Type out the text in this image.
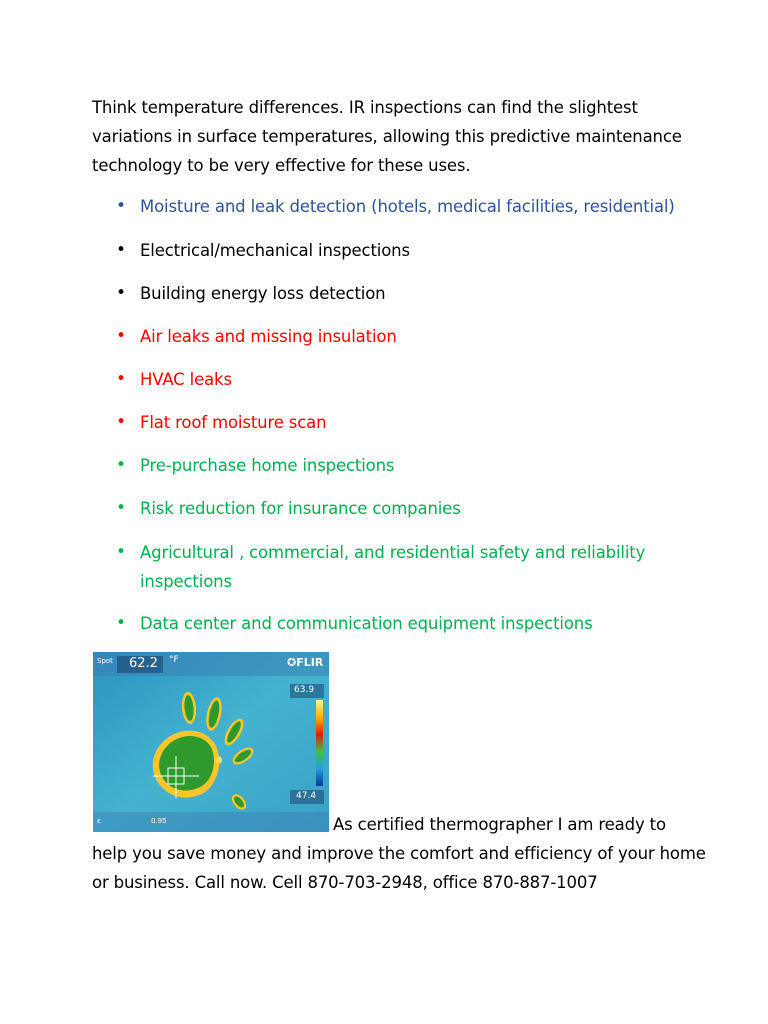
Think temperature differences. IR inspections can find the slightest variations in surface temperatures, allowing this predictive maintenance technology to be very effective for these uses.

• Moisture and leak detection (hotels, medical facilities, residential)
• Electrical/mechanical inspections
• Building energy loss detection
• Air leaks and missing insulation
• HVAC leaks
• Flat roof moisture scan
• Pre-purchase home inspections
• Risk reduction for insurance companies
• Agricultural , commercial, and residential safety and reliability inspections
• Data center and communication equipment inspections
Spot 62.2 °F	✪FLIR
63.9
47.4
ε	0.95	As certified thermographer I am ready to
help you save money and improve the comfort and efficiency of your home or business. Call now. Cell 870-703-2948, office 870-887-1007
